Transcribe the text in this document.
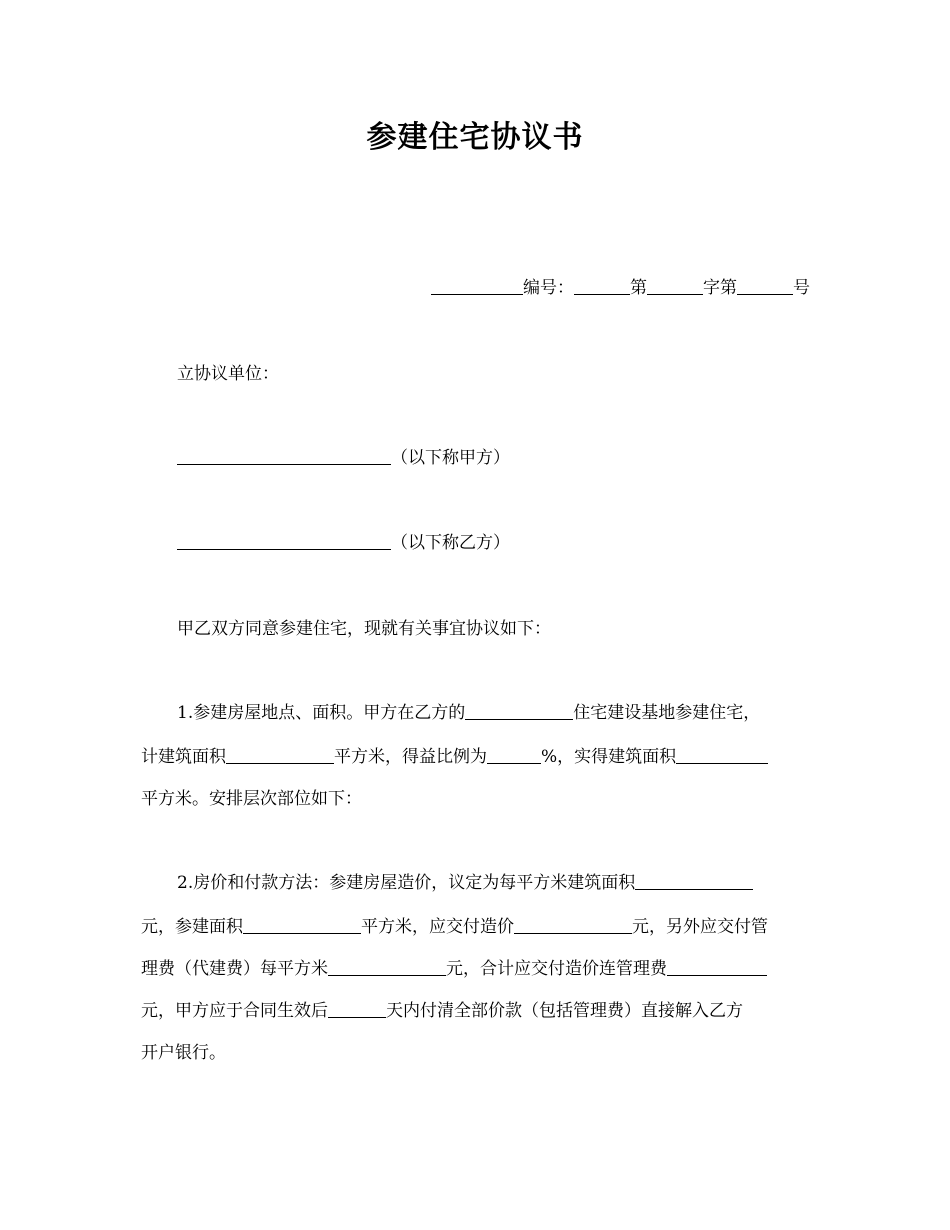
参建住宅协议书
编号：	第	字第	号
立协议单位：
（以下称甲方）
（以下称乙方）
甲乙双方同意参建住宅，现就有关事宜协议如下：
1.参建房屋地点、面积。甲方在乙方的	住宅建设基地参建住宅，
计建筑面积	平方米，得益比例为	%，实得建筑面积
平方米。安排层次部位如下：
2.房价和付款方法：参建房屋造价，议定为每平方米建筑面积
元，参建面积	平方米，应交付造价	元，另外应交付管
理费（代建费）每平方米	元，合计应交付造价连管理费
元，甲方应于合同生效后	天内付清全部价款（包括管理费）直接解入乙方
开户银行。
